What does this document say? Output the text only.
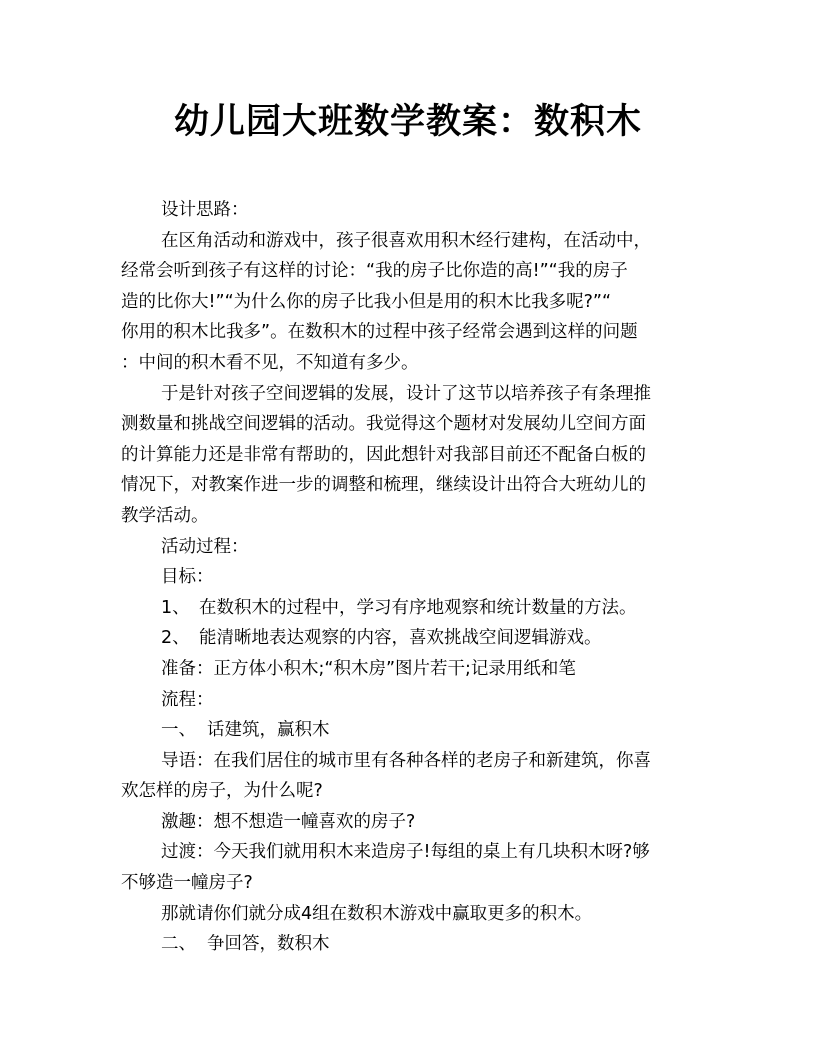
幼儿园大班数学教案：数积木

设计思路：

在区角活动和游戏中，孩子很喜欢用积木经行建构，在活动中，

经常会听到孩子有这样的讨论：“我的房子比你造的高!”“我的房子

造的比你大!”“为什么你的房子比我小但是用的积木比我多呢?”“

你用的积木比我多”。在数积木的过程中孩子经常会遇到这样的问题

：中间的积木看不见，不知道有多少。

于是针对孩子空间逻辑的发展，设计了这节以培养孩子有条理推

测数量和挑战空间逻辑的活动。我觉得这个题材对发展幼儿空间方面

的计算能力还是非常有帮助的，因此想针对我部目前还不配备白板的

情况下，对教案作进一步的调整和梳理，继续设计出符合大班幼儿的

教学活动。

活动过程：

目标：

1、 在数积木的过程中，学习有序地观察和统计数量的方法。

2、 能清晰地表达观察的内容，喜欢挑战空间逻辑游戏。

准备：正方体小积木;“积木房”图片若干;记录用纸和笔

流程：

一、 话建筑，赢积木

导语：在我们居住的城市里有各种各样的老房子和新建筑，你喜

欢怎样的房子，为什么呢?

激趣：想不想造一幢喜欢的房子?

过渡：今天我们就用积木来造房子!每组的桌上有几块积木呀?够

不够造一幢房子?

那就请你们就分成4组在数积木游戏中赢取更多的积木。

二、 争回答，数积木
